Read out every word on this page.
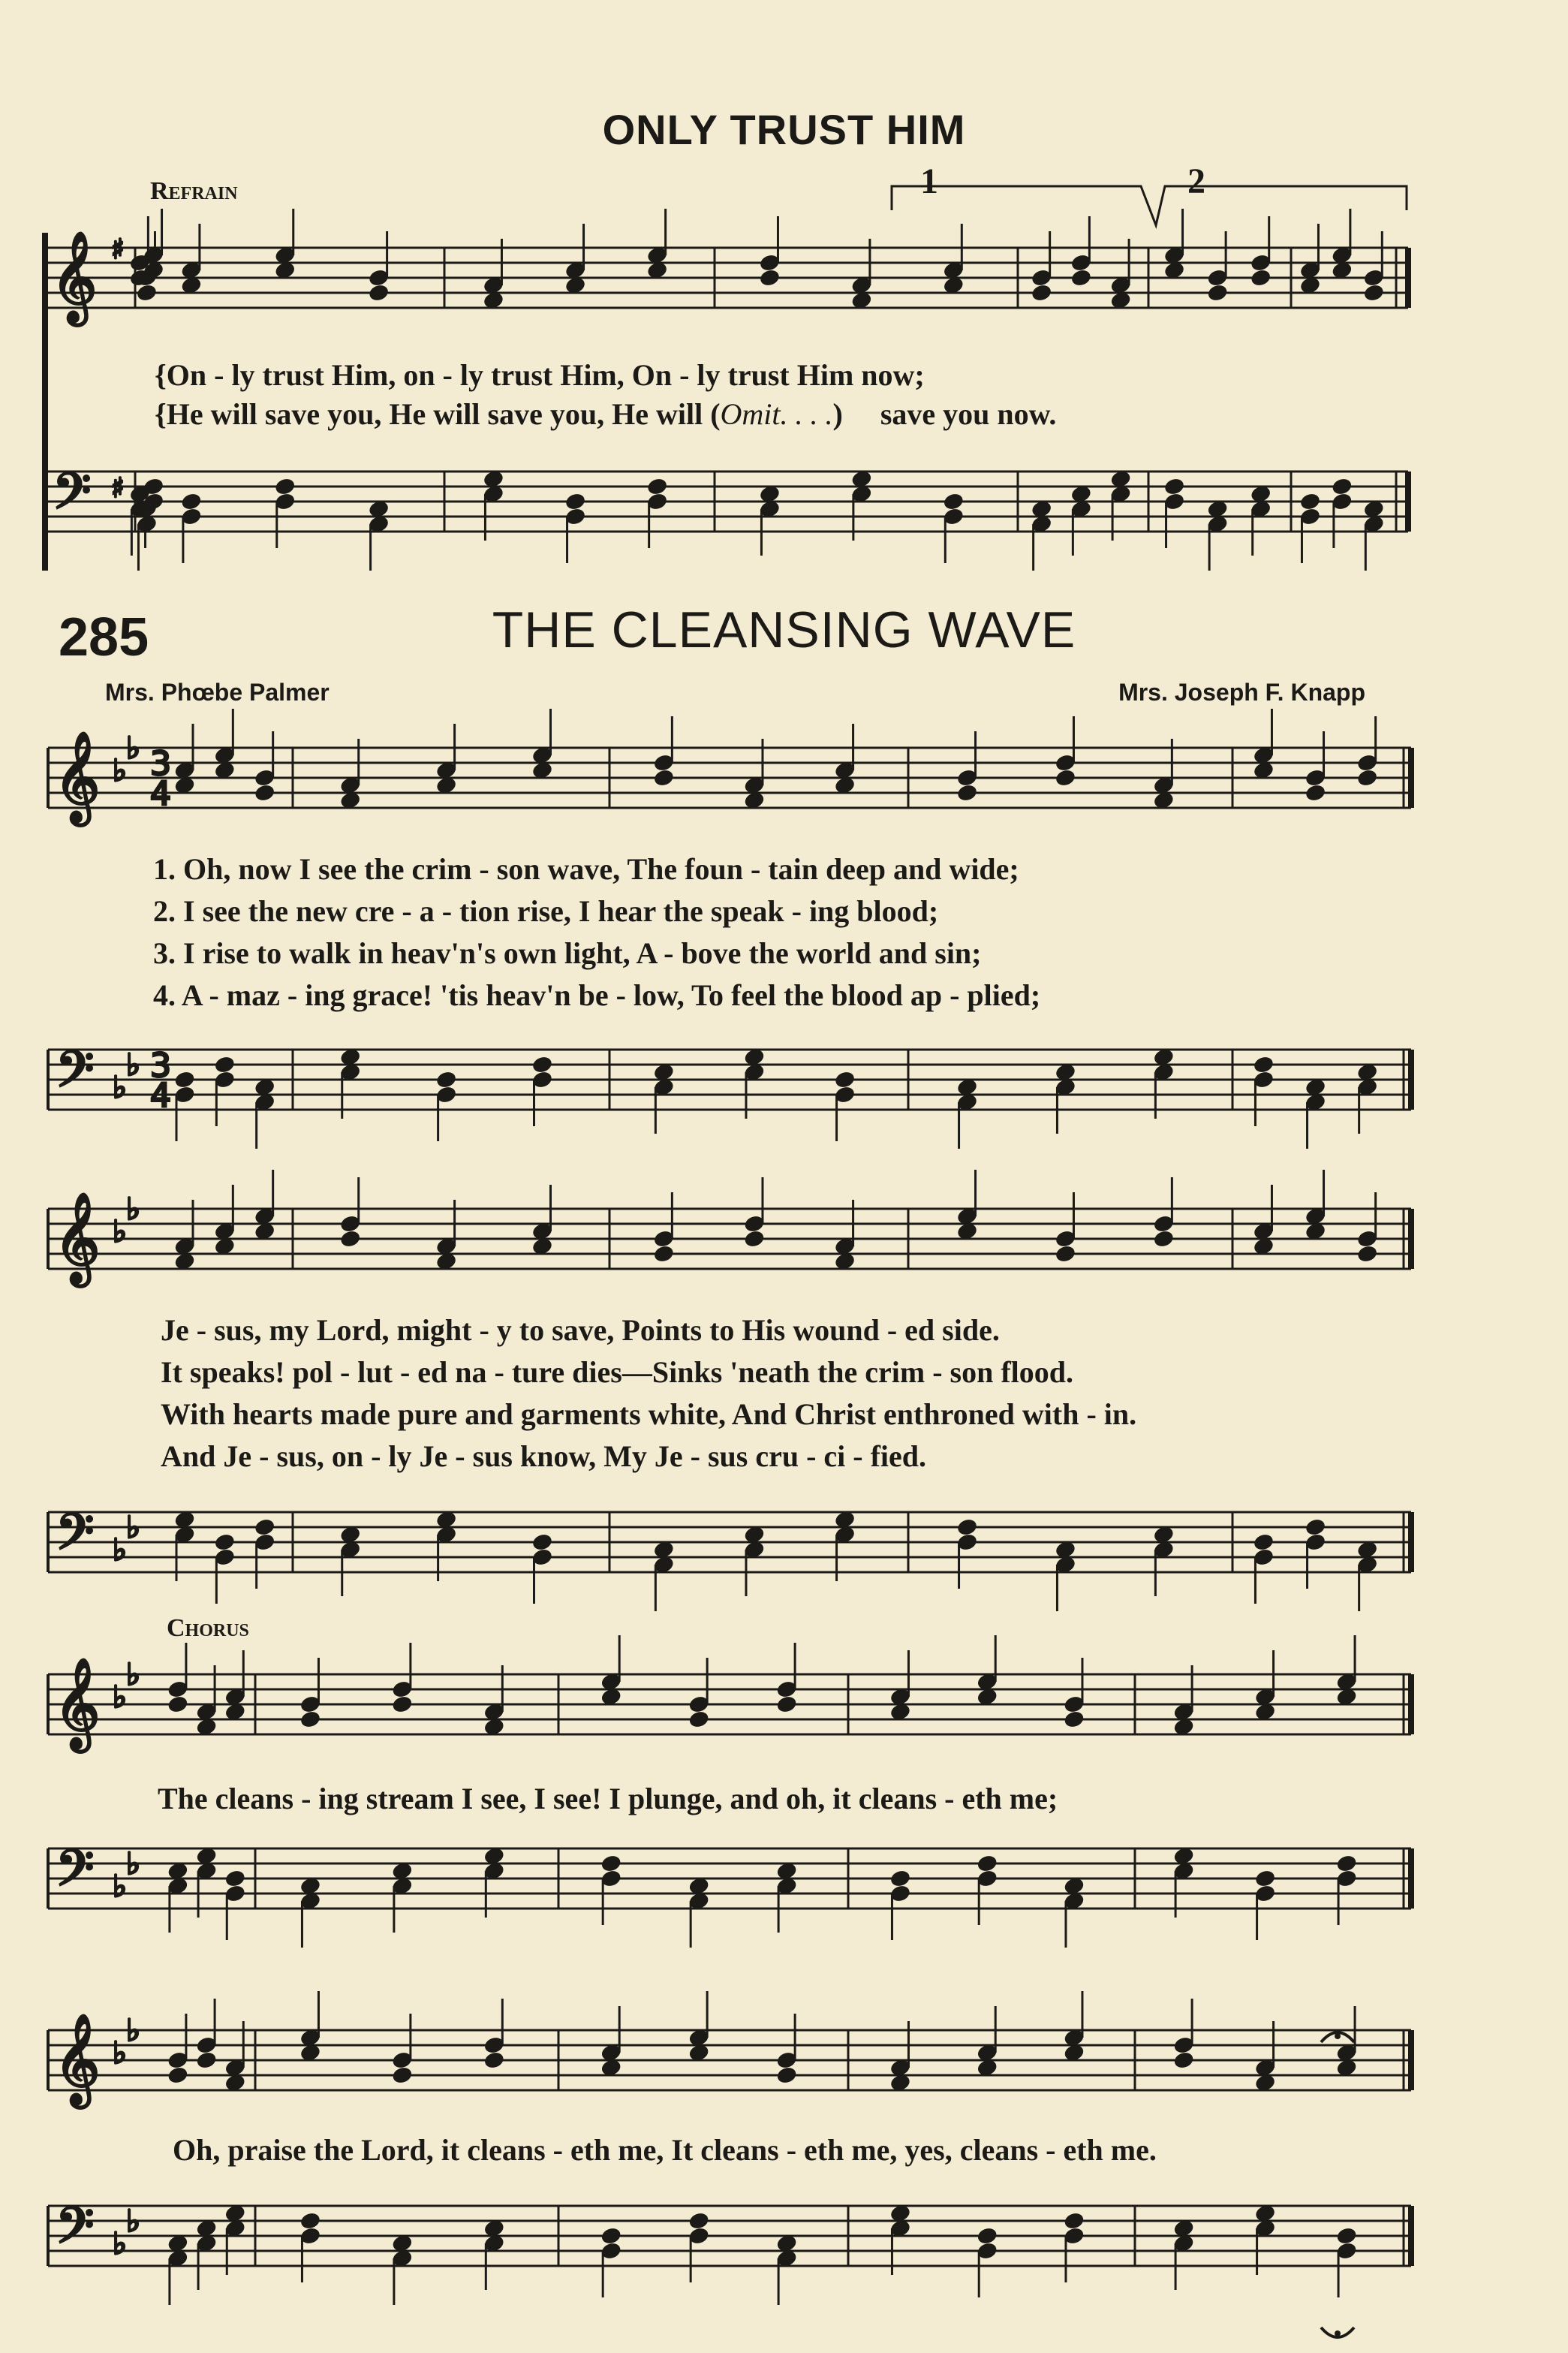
ONLY TRUST HIM
Refrain	1	2
{On - ly trust Him, on - ly trust Him, On - ly trust Him now;
{He will save you, He will save you, He will (Omit. . . .) save you now.
285	THE CLEANSING WAVE
Mrs. Phœbe Palmer	Mrs. Joseph F. Knapp
1. Oh, now I see the crim - son wave, The foun - tain deep and wide;
2. I see the new cre - a - tion rise, I hear the speak - ing blood;
3. I rise to walk in heav'n's own light, A - bove the world and sin;
4. A - maz - ing grace! 'tis heav'n be - low, To feel the blood ap - plied;
Je - sus, my Lord, might - y to save, Points to His wound - ed side.
It speaks! pol - lut - ed na - ture dies—Sinks 'neath the crim - son flood.
With hearts made pure and garments white, And Christ enthroned with - in.
And Je - sus, on - ly Je - sus know, My Je - sus cru - ci - fied.
Chorus
The cleans - ing stream I see, I see! I plunge, and oh, it cleans - eth me;
Oh, praise the Lord, it cleans - eth me, It cleans - eth me, yes, cleans - eth me.
𝄞 ♯
𝄢 ♯
𝄞 ♭
♭
𝄢 ♭
♭
𝄞 ♭
♭
𝄢 ♭
♭
𝄞 ♭
♭
𝄢 ♭
♭
𝄞 ♭
♭
𝄢 ♭
♭
3
4
3
4
